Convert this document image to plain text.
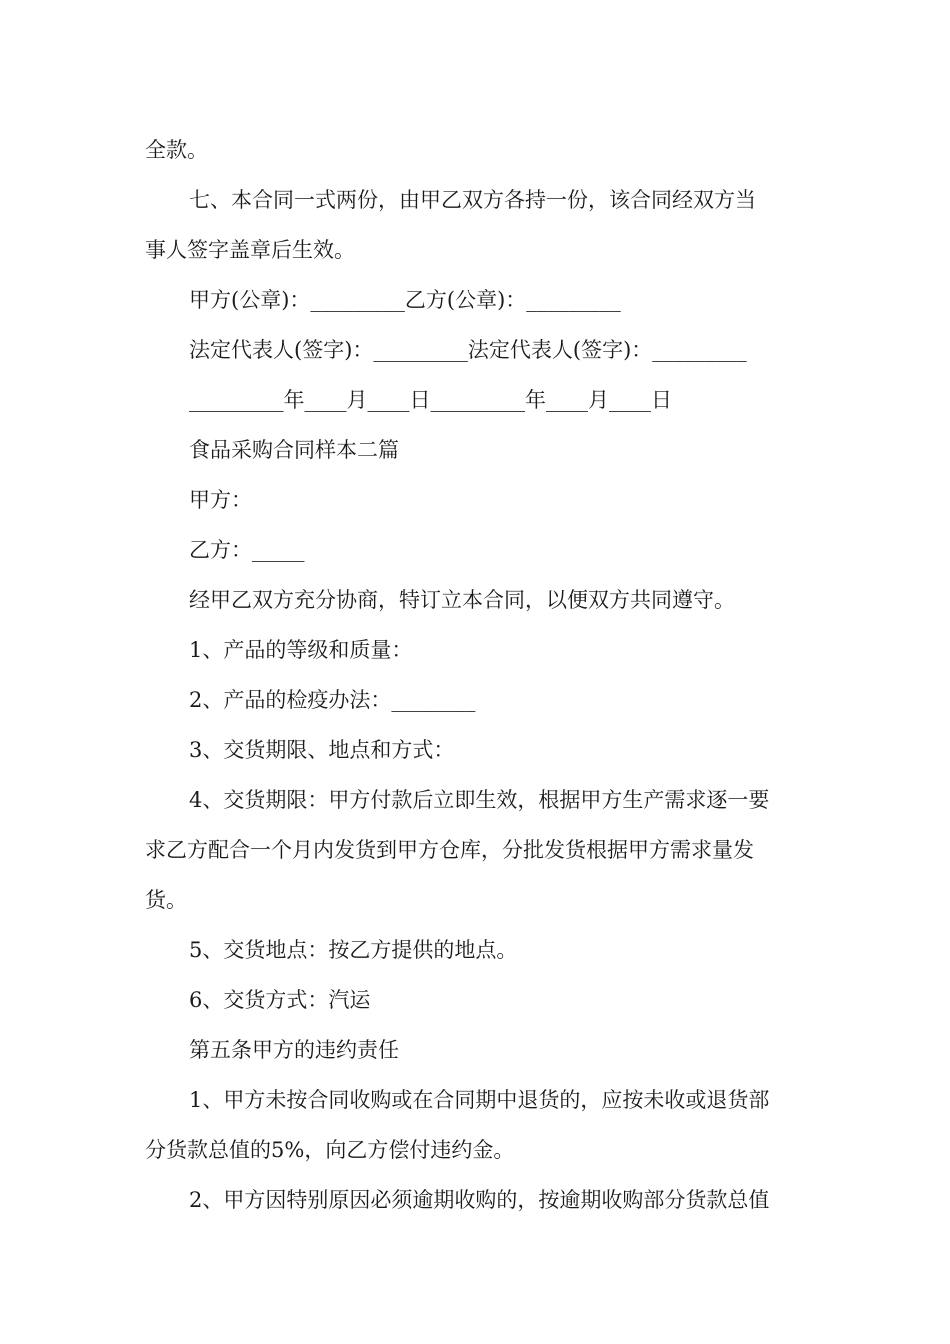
全款。
七、本合同一式两份，由甲乙双方各持一份，该合同经双方当
事人签字盖章后生效。
甲方(公章)：_________乙方(公章)：_________
法定代表人(签字)：_________法定代表人(签字)：_________
_________年____月____日_________年____月____日
食品采购合同样本二篇
甲方：
乙方：_____
经甲乙双方充分协商，特订立本合同，以便双方共同遵守。
1、产品的等级和质量：
2、产品的检疫办法：________
3、交货期限、地点和方式：
4、交货期限：甲方付款后立即生效，根据甲方生产需求逐一要
求乙方配合一个月内发货到甲方仓库，分批发货根据甲方需求量发
货。
5、交货地点：按乙方提供的地点。
6、交货方式：汽运
第五条甲方的违约责任
1、甲方未按合同收购或在合同期中退货的，应按未收或退货部
分货款总值的5%，向乙方偿付违约金。
2、甲方因特别原因必须逾期收购的，按逾期收购部分货款总值
